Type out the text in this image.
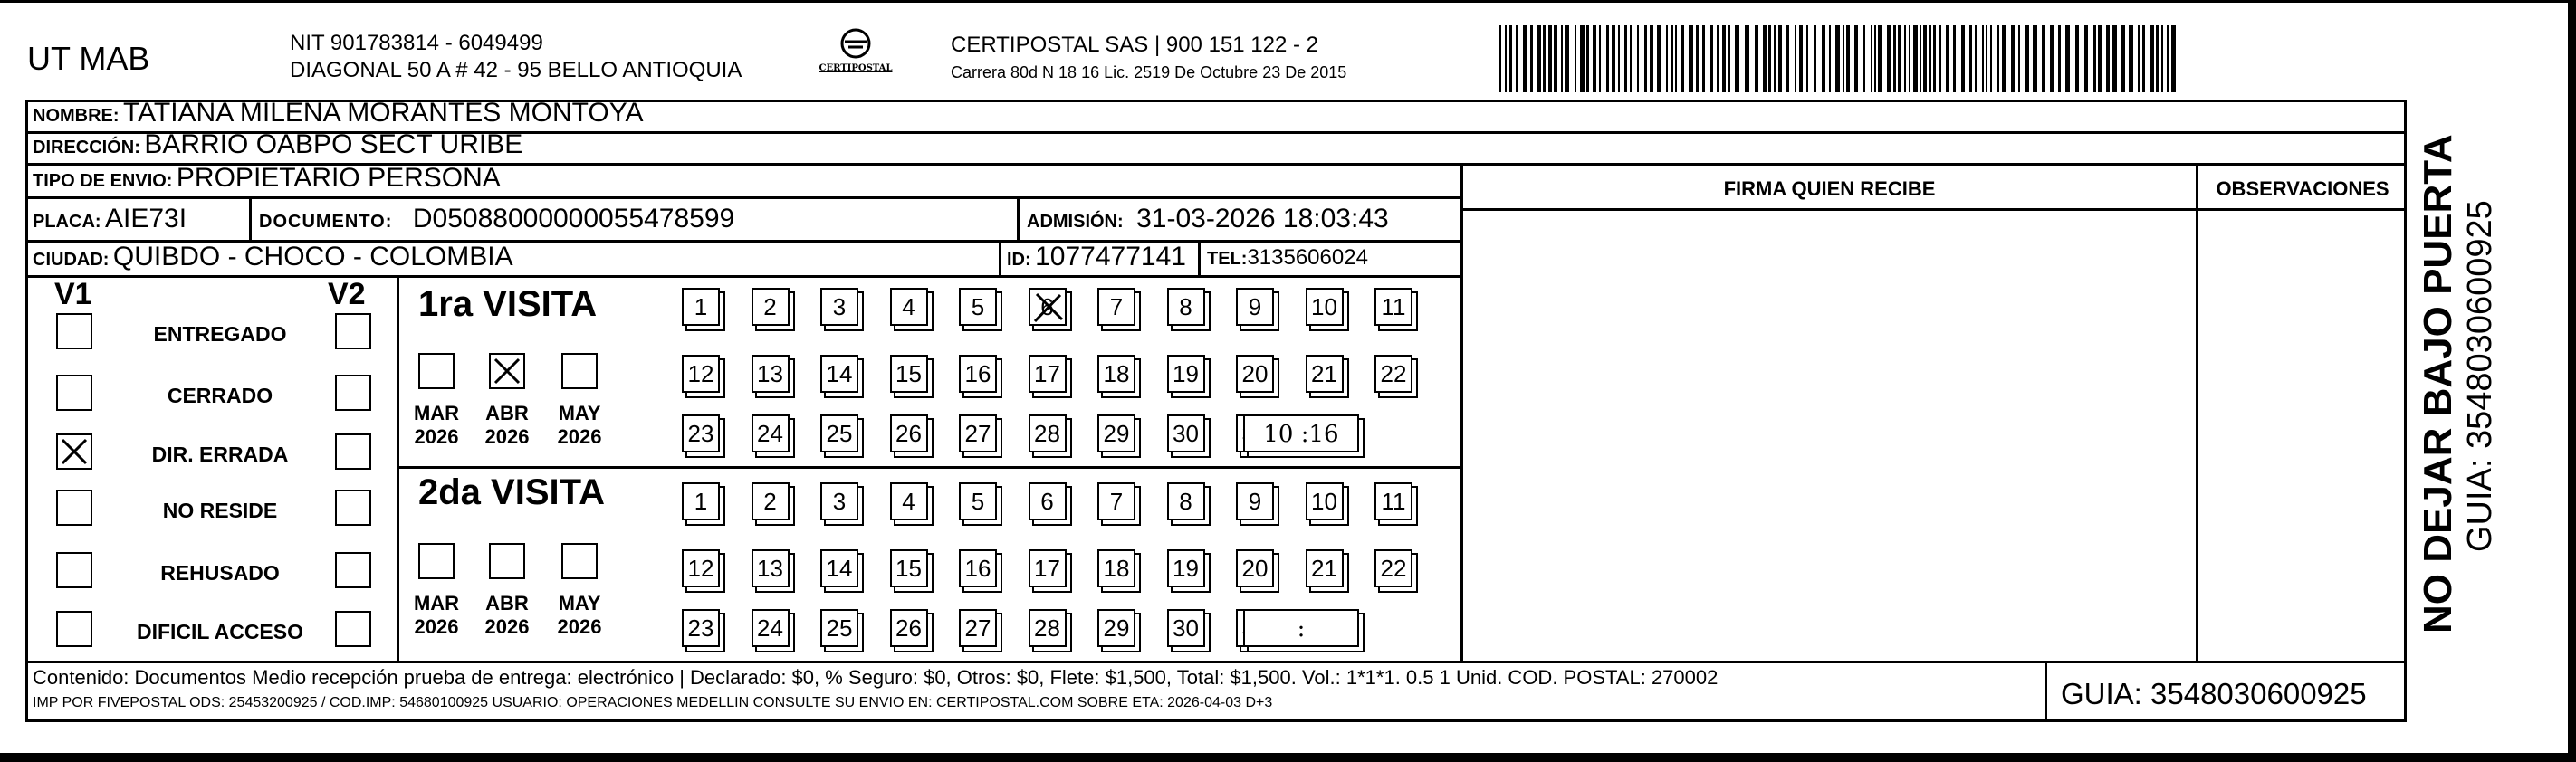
UT MAB	NIT 901783814 - 6049499
DIAGONAL 50 A # 42 - 95 BELLO ANTIOQUIA	CERTIPOSTAL
CERTIPOSTAL SAS | 900 151 122 - 2
Carrera 80d N 18 16 Lic. 2519 De Octubre 23 De 2015
NOMBRE: TATIANA MILENA MORANTES MONTOYA
DIRECCIÓN: BARRIO OABPO SECT URIBE
TIPO DE ENVIO: PROPIETARIO PERSONA
PLACA: AIE73I	DOCUMENTO: D05088000000055478599	ADMISIÓN: 31-03-2026 18:03:43
CIUDAD: QUIBDO - CHOCO - COLOMBIA	ID: 1077477141 TEL:3135606024
FIRMA QUIEN RECIBE	OBSERVACIONES
V1	V2
ENTREGADO
CERRADO
DIR. ERRADA
NO RESIDE
REHUSADO
DIFICIL ACCESO
1ra VISITA
MAR
2026
ABR
2026
MAY
2026
1	2	3	4	5	6	7	8	9	10 11
12 13 14 15 16 17 18 19 20 21 22
23 24 25 26 27 28 29 30	10 :16
2da VISITA
MAR
2026
ABR
2026
MAY
2026
1	2	3	4	5	6	7	8	9	10 11
12 13 14 15 16 17 18 19 20 21 22
23 24 25 26 27 28 29 30	:
Contenido: Documentos Medio recepción prueba de entrega: electrónico | Declarado: $0, % Seguro: $0, Otros: $0, Flete: $1,500, Total: $1,500. Vol.: 1*1*1. 0.5 1 Unid. COD. POSTAL: 270002
IMP POR FIVEPOSTAL ODS: 25453200925 / COD.IMP: 54680100925 USUARIO: OPERACIONES MEDELLIN CONSULTE SU ENVIO EN: CERTIPOSTAL.COM SOBRE ETA: 2026-04-03 D+3	GUIA: 3548030600925
NO DEJAR BAJO PUERTA GUIA: 3548030600925
